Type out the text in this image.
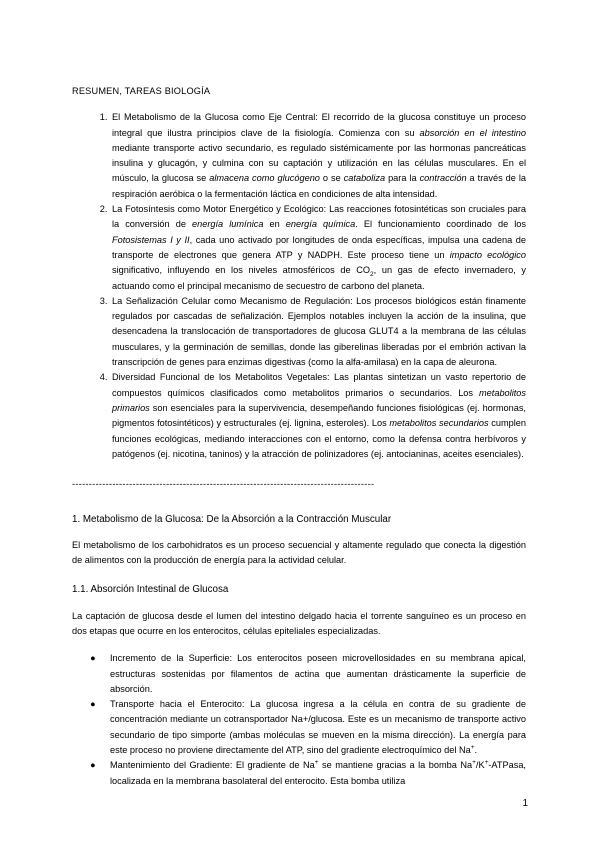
RESUMEN, TAREAS BIOLOGÍA
1. El Metabolismo de la Glucosa como Eje Central: El recorrido de la glucosa constituye un proceso integral que ilustra principios clave de la fisiología. Comienza con su absorción en el intestino mediante transporte activo secundario, es regulado sistémicamente por las hormonas pancreáticas insulina y glucagón, y culmina con su captación y utilización en las células musculares. En el músculo, la glucosa se almacena como glucógeno o se cataboliza para la contracción a través de la respiración aeróbica o la fermentación láctica en condiciones de alta intensidad.
2. La Fotosíntesis como Motor Energético y Ecológico: Las reacciones fotosintéticas son cruciales para la conversión de energía lumínica en energía química. El funcionamiento coordinado de los Fotosistemas I y II, cada uno activado por longitudes de onda específicas, impulsa una cadena de transporte de electrones que genera ATP y NADPH. Este proceso tiene un impacto ecológico significativo, influyendo en los niveles atmosféricos de $CO_2$, un gas de efecto invernadero, y actuando como el principal mecanismo de secuestro de carbono del planeta.
3. La Señalización Celular como Mecanismo de Regulación: Los procesos biológicos están finamente regulados por cascadas de señalización. Ejemplos notables incluyen la acción de la insulina, que desencadena la translocación de transportadores de glucosa GLUT4 a la membrana de las células musculares, y la germinación de semillas, donde las giberelinas liberadas por el embrión activan la transcripción de genes para enzimas digestivas (como la alfa-amilasa) en la capa de aleurona.
4. Diversidad Funcional de los Metabolitos Vegetales: Las plantas sintetizan un vasto repertorio de compuestos químicos clasificados como metabolitos primarios o secundarios. Los metabolitos primarios son esenciales para la supervivencia, desempeñando funciones fisiológicas (ej. hormonas, pigmentos fotosintéticos) y estructurales (ej. lignina, esteroles). Los metabolitos secundarios cumplen funciones ecológicas, mediando interacciones con el entorno, como la defensa contra herbívoros y patógenos (ej. nicotina, taninos) y la atracción de polinizadores (ej. antocianinas, aceites esenciales).
------------------------------------------------------------------------------------------
1. Metabolismo de la Glucosa: De la Absorción a la Contracción Muscular

El metabolismo de los carbohidratos es un proceso secuencial y altamente regulado que conecta la digestión de alimentos con la producción de energía para la actividad celular.

1.1. Absorción Intestinal de Glucosa

La captación de glucosa desde el lumen del intestino delgado hacia el torrente sanguíneo es un proceso en dos etapas que ocurre en los enterocitos, células epiteliales especializadas.

● Incremento de la Superficie: Los enterocitos poseen microvellosidades en su membrana apical, estructuras sostenidas por filamentos de actina que aumentan drásticamente la superficie de absorción.
● Transporte hacia el Enterocito: La glucosa ingresa a la célula en contra de su gradiente de concentración mediante un cotransportador Na+/glucosa. Este es un mecanismo de transporte activo secundario de tipo simporte (ambas moléculas se mueven en la misma dirección). La energía para este proceso no proviene directamente del ATP, sino del gradiente electroquímico del Na+.
● Mantenimiento del Gradiente: El gradiente de Na+ se mantiene gracias a la bomba Na+/K+-ATPasa, localizada en la membrana basolateral del enterocito. Esta bomba utiliza
1
